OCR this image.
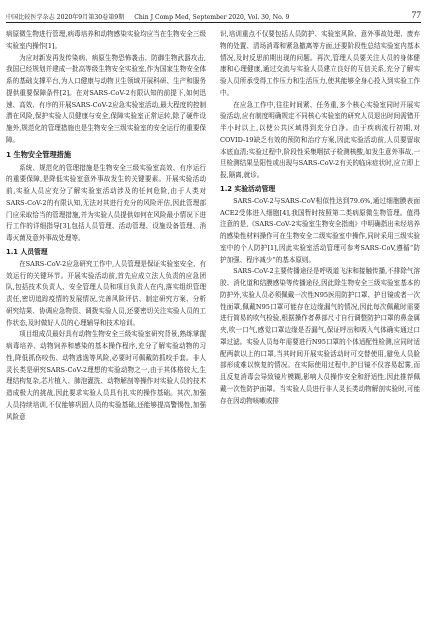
中国比较医学杂志 2020年9月第30卷第9期 Chin J Comp Med, September 2020, Vol. 30, No. 9	77

病原微生物进行管理,病毒培养和动物感染实验均应当在生物安全三级实验室内操作[1]。

为应对新发再发传染病、病原生物恐怖袭击、防御生物武器攻击,我国已经规划并建成一批高等级生物安全实验室,作为国家生物安全体系的基础支撑平台,为人口健康与动物卫生领域开展科研、生产和服务提供重要保障条件[2]。在对SARS-CoV-2有限认知的前提下,如何迅速、高效、有序的开展SARS-CoV-2应急实验室活动,最大程度的控制潜在风险,保护实验人员健康与安全,保障实验室正常运转,除了硬件设施外,规范化的管理措施也是生物安全三级实验室的安全运行的重要保障。

1 生物安全管理措施

系统、规范化的管理措施是生物安全三级实验室高效、有序运行的重要保障,是降低实验室意外事故发生的关键要素。开展实验活动前,实验人员应充分了解实验室活动涉及的任何危险,由于人类对SARS-CoV-2的有限认知,无法对其进行充分的风险评估,因此管理部门应采取恰当的管理措施,并为实验人员提供如何在风险最小情况下进行工作的详细指导[3],包括人员管理、活动管理、设施设备管理、消毒灭菌及意外事故处理等。

1.1 人员管理

在SARS-CoV-2应急研究工作中,人员管理是保证实验室安全、有效运行的关键环节。开展实验活动前,首先应成立法人负责的应急团队,包括技术负责人、安全管理人员和项目负责人在内,落实组织管理责任,密切追踪疫情的发展情况,完善风险评估、制定研究方案、分析研究结果、协调应急物资、调拨实验人员,还要密切关注实验人员的工作状态,及时做好人员的心理辅导和技术培训。

项目组成员最好具有动物生物安全三级实验室研究背景,熟练掌握病毒培养、动物饲养和感染的基本操作程序,充分了解实验动物的习性,降低抓伤咬伤、动物逃逸等风险,必要时可佩戴防抓咬手套。非人灵长类是研究SARS-CoV-2理想的实验动物之一,由于其体格较大,生理结构复杂,芯片植入、肺泡灌洗、动物解剖等操作对实验人员的技术造成极大的挑战,因此要求实验人员具有扎实的操作基础。其次,加强人员持续培训,不仅能够巩固人员的实验基础,还能够提高警惕性,加强风险意

识,培训重点不仅要包括人员防护、实验室风险、意外事故处理、废弃物的处置、清场消毒和紧急撤离等方面,还要阶段性总结实验室内基本情况,及时反思前期出现的问题。再次,管理人员要关注人员的身体健康和心理健康,通过交流与实验人员建立良好的互信关系,充分了解实验人员所承受得工作压力和生活压力,使其能够全身心投入到实验工作中。

在应急工作中,往往时间紧、任务重,多个核心实验室同时开展实验活动,应有制度明确规定不同核心实验室的研究人员退出时间需错开半小时以上,以使公共区域得到充分白净。由于疾病流行初期,对COVID-19缺乏有效的预防和治疗方案,因此实验活动前,人员要留取本底血清;实验过程中,阶段性采集咽拭子检测核酸,如发生意外事故,一旦检测结果呈阳性或出现与SARS-CoV-2有关的临床症状时,应立即上报,隔离,就诊。

1.2 实验活动管理

SARS-CoV-2与SARS-CoV相似性达到79.6%,通过细胞膜表面ACE2受体进入细胞[4],我国暂时按照第二类病原微生物管理。值得注意的是,《SARS-CoV-2实验室生物安全指南》中明确指出未经培养的感染性材料操作可在生物安全二级实验室中操作,同时采用三级实验室中的个人防护[1],因此实验室活动管理可参考SARS-CoV,遵循“防护加强、程序减少”的基本原则。

SARS-CoV-2主要传播途径是呼吸道飞沫和接触传播,不排除气溶胶、消化道和结膜感染等传播途径,因此除生物安全三级实验室基本的防护外,实验人员必须佩戴一次性N95医用防护口罩、护目镜或者一次性面罩,佩戴N95口罩可能存在边缘漏气的情况,因此每次佩戴时需要进行简易的吹气检验,根据操作者鼻部尺寸自行调整防护口罩的鼻金属夹,吹一口气,感觉口罩边缘是否漏气,保证呼出和吸入气体确实通过口罩过滤。实验人员每年需要进行N95口罩的个体适配性检测,应同时适配两款以上的口罩,当其时间开展实验活动时可交替使用,避免人员脸部形成难以恢复的情况。在实际使用过程中,护目镜不仅容易起雾,而且反复消毒会导致镜片模糊,影响人员操作安全和舒适性,因此推荐佩戴一次性防护面罩。当实验人员进行非人灵长类动物解剖实验时,可能存在因动物咳嗽或排
